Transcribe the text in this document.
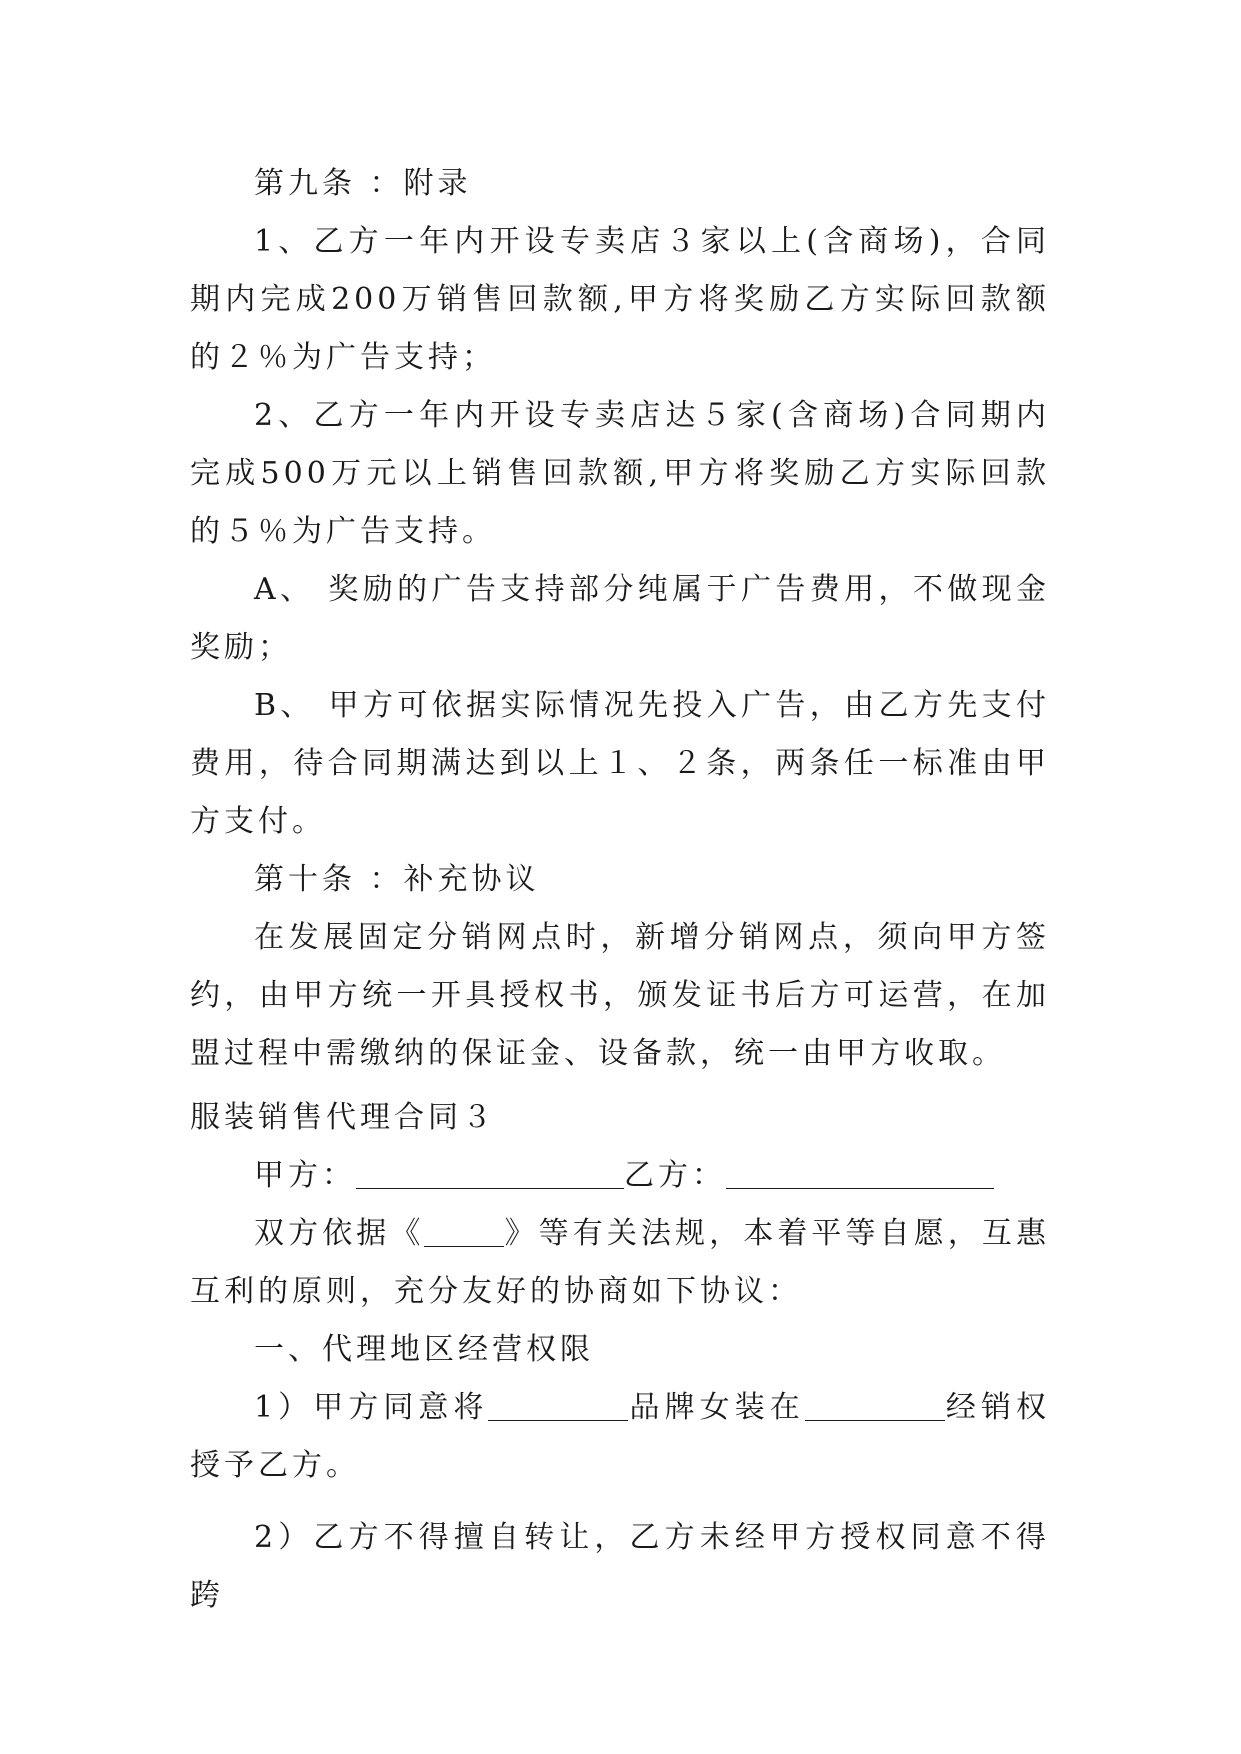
第九条 ：附录

1、乙方一年内开设专卖店３家以上(含商场)，合同期内完成200万销售回款额,甲方将奖励乙方实际回款额的２％为广告支持；

2、乙方一年内开设专卖店达５家(含商场)合同期内完成500万元以上销售回款额,甲方将奖励乙方实际回款的５％为广告支持。

A、 奖励的广告支持部分纯属于广告费用，不做现金奖励；

B、 甲方可依据实际情况先投入广告，由乙方先支付费用，待合同期满达到以上１、２条，两条任一标准由甲方支付。

第十条 ：补充协议

在发展固定分销网点时，新增分销网点，须向甲方签约，由甲方统一开具授权书，颁发证书后方可运营，在加盟过程中需缴纳的保证金、设备款，统一由甲方收取。

服装销售代理合同３

甲方：	乙方：

双方依据《	》等有关法规，本着平等自愿，互惠互利的原则，充分友好的协商如下协议：

一、代理地区经营权限

1）甲方同意将	品牌女装在	经销权授予乙方。

2）乙方不得擅自转让，乙方未经甲方授权同意不得跨
